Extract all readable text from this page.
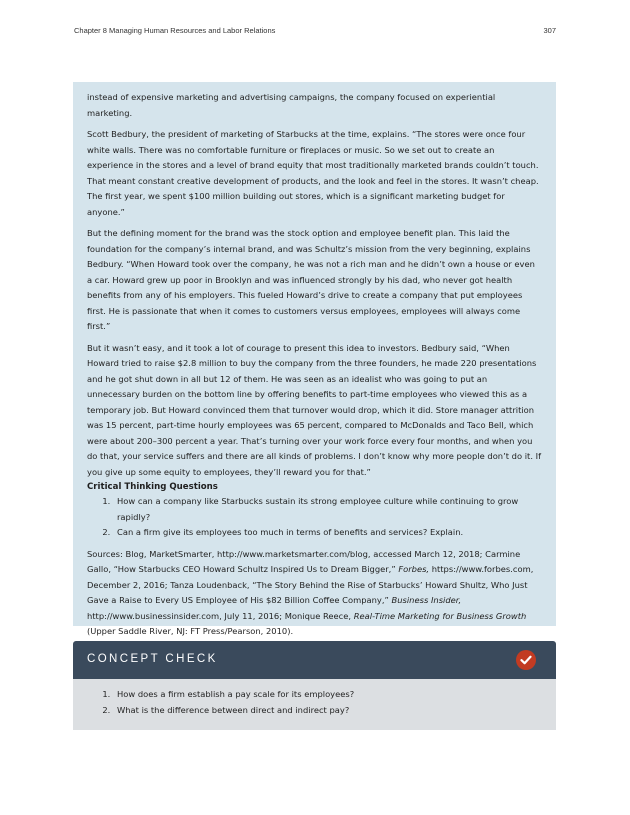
Chapter 8 Managing Human Resources and Labor Relations	307

instead of expensive marketing and advertising campaigns, the company focused on experiential marketing.

Scott Bedbury, the president of marketing of Starbucks at the time, explains. “The stores were once four white walls. There was no comfortable furniture or fireplaces or music. So we set out to create an experience in the stores and a level of brand equity that most traditionally marketed brands couldn’t touch. That meant constant creative development of products, and the look and feel in the stores. It wasn’t cheap. The first year, we spent $100 million building out stores, which is a significant marketing budget for anyone.”

But the defining moment for the brand was the stock option and employee benefit plan. This laid the foundation for the company’s internal brand, and was Schultz’s mission from the very beginning, explains Bedbury. “When Howard took over the company, he was not a rich man and he didn’t own a house or even a car. Howard grew up poor in Brooklyn and was influenced strongly by his dad, who never got health benefits from any of his employers. This fueled Howard’s drive to create a company that put employees first. He is passionate that when it comes to customers versus employees, employees will always come first.”

But it wasn’t easy, and it took a lot of courage to present this idea to investors. Bedbury said, “When Howard tried to raise $2.8 million to buy the company from the three founders, he made 220 presentations and he got shut down in all but 12 of them. He was seen as an idealist who was going to put an unnecessary burden on the bottom line by offering benefits to part-time employees who viewed this as a temporary job. But Howard convinced them that turnover would drop, which it did. Store manager attrition was 15 percent, part-time hourly employees was 65 percent, compared to McDonalds and Taco Bell, which were about 200–300 percent a year. That’s turning over your work force every four months, and when you do that, your service suffers and there are all kinds of problems. I don’t know why more people don’t do it. If you give up some equity to employees, they’ll reward you for that.”

Critical Thinking Questions
1. How can a company like Starbucks sustain its strong employee culture while continuing to grow rapidly?
2. Can a firm give its employees too much in terms of benefits and services? Explain.

Sources: Blog, MarketSmarter, http://www.marketsmarter.com/blog, accessed March 12, 2018; Carmine Gallo, “How Starbucks CEO Howard Schultz Inspired Us to Dream Bigger,” Forbes, https://www.forbes.com, December 2, 2016; Tanza Loudenback, “The Story Behind the Rise of Starbucks’ Howard Shultz, Who Just Gave a Raise to Every US Employee of His $82 Billion Coffee Company,” Business Insider, http://www.businessinsider.com, July 11, 2016; Monique Reece, Real-Time Marketing for Business Growth (Upper Saddle River, NJ: FT Press/Pearson, 2010).

CONCEPT CHECK
1. How does a firm establish a pay scale for its employees?
2. What is the difference between direct and indirect pay?
